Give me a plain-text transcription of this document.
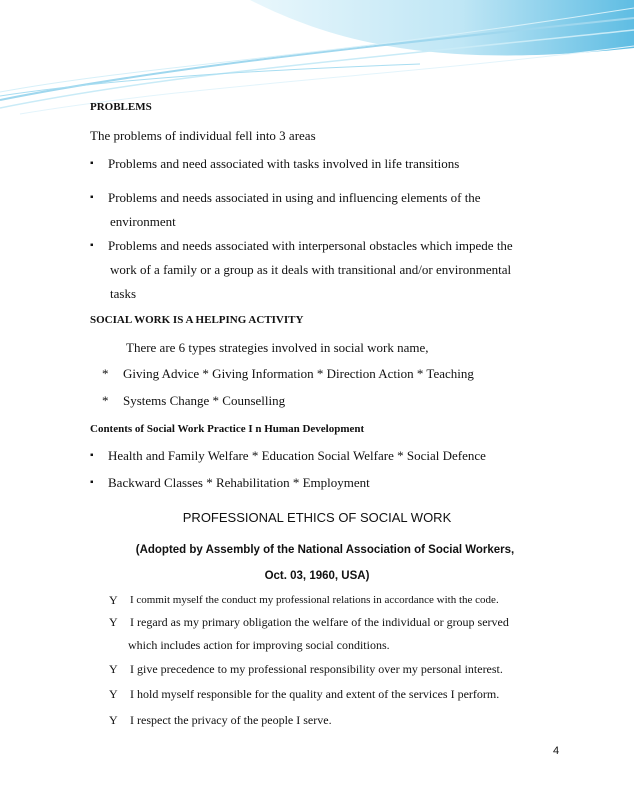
PROBLEMS
The problems of individual fell into 3 areas
▪ Problems and need associated with tasks involved in life transitions
▪ Problems and needs associated in using and influencing elements of the
environment
▪ Problems and needs associated with interpersonal obstacles which impede the
work of a family or a group as it deals with transitional and/or environmental
tasks
SOCIAL WORK IS A HELPING ACTIVITY
There are 6 types strategies involved in social work name,
* Giving Advice * Giving Information * Direction Action * Teaching
* Systems Change * Counselling
Contents of Social Work Practice I n Human Development
▪ Health and Family Welfare * Education Social Welfare * Social Defence
▪ Backward Classes * Rehabilitation * Employment
PROFESSIONAL ETHICS OF SOCIAL WORK
(Adopted by Assembly of the National Association of Social Workers,
Oct. 03, 1960, USA)
Y I commit myself the conduct my professional relations in accordance with the code.
Y I regard as my primary obligation the welfare of the individual or group served
which includes action for improving social conditions.
Y I give precedence to my professional responsibility over my personal interest.
Y I hold myself responsible for the quality and extent of the services I perform.
Y I respect the privacy of the people I serve.
4
